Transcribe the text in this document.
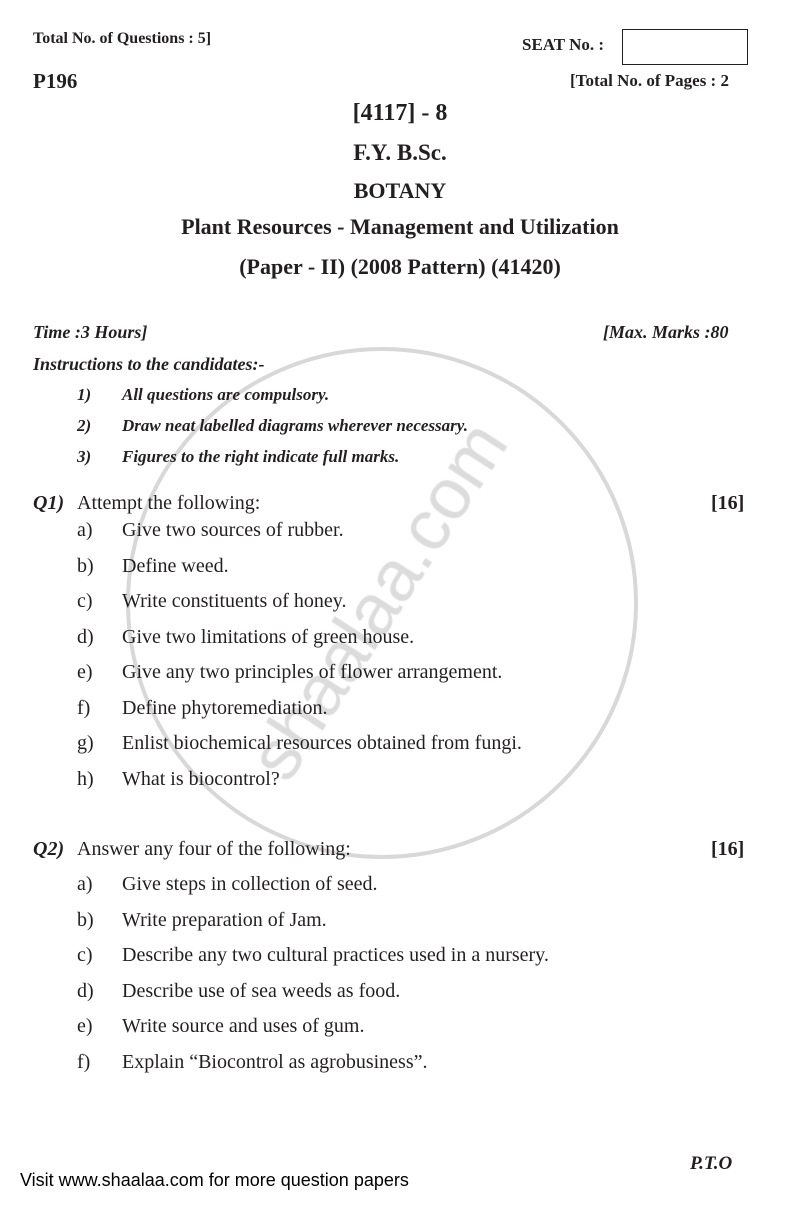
Total No. of Questions : 5]	SEAT No. :
P196	[Total No. of Pages : 2
[4117] - 8
F.Y. B.Sc.
BOTANY
Plant Resources - Management and Utilization
(Paper - II) (2008 Pattern) (41420)
Time :3 Hours]	[Max. Marks :80
Instructions to the candidates:-
1) All questions are compulsory.
2) Draw neat labelled diagrams wherever necessary.
3) Figures to the right indicate full marks.
Q1) Attempt the following:	[16]
a) Give two sources of rubber.
b) Define weed.
c) Write constituents of honey.
d) Give two limitations of green house.
e) Give any two principles of flower arrangement.
f) Define phytoremediation.
g) Enlist biochemical resources obtained from fungi.
h) What is biocontrol?
Q2) Answer any four of the following:	[16]
a) Give steps in collection of seed.
b) Write preparation of Jam.
c) Describe any two cultural practices used in a nursery.
d) Describe use of sea weeds as food.
e) Write source and uses of gum.
f) Explain “Biocontrol as agrobusiness”.
P.T.O
Visit www.shaalaa.com for more question papers
